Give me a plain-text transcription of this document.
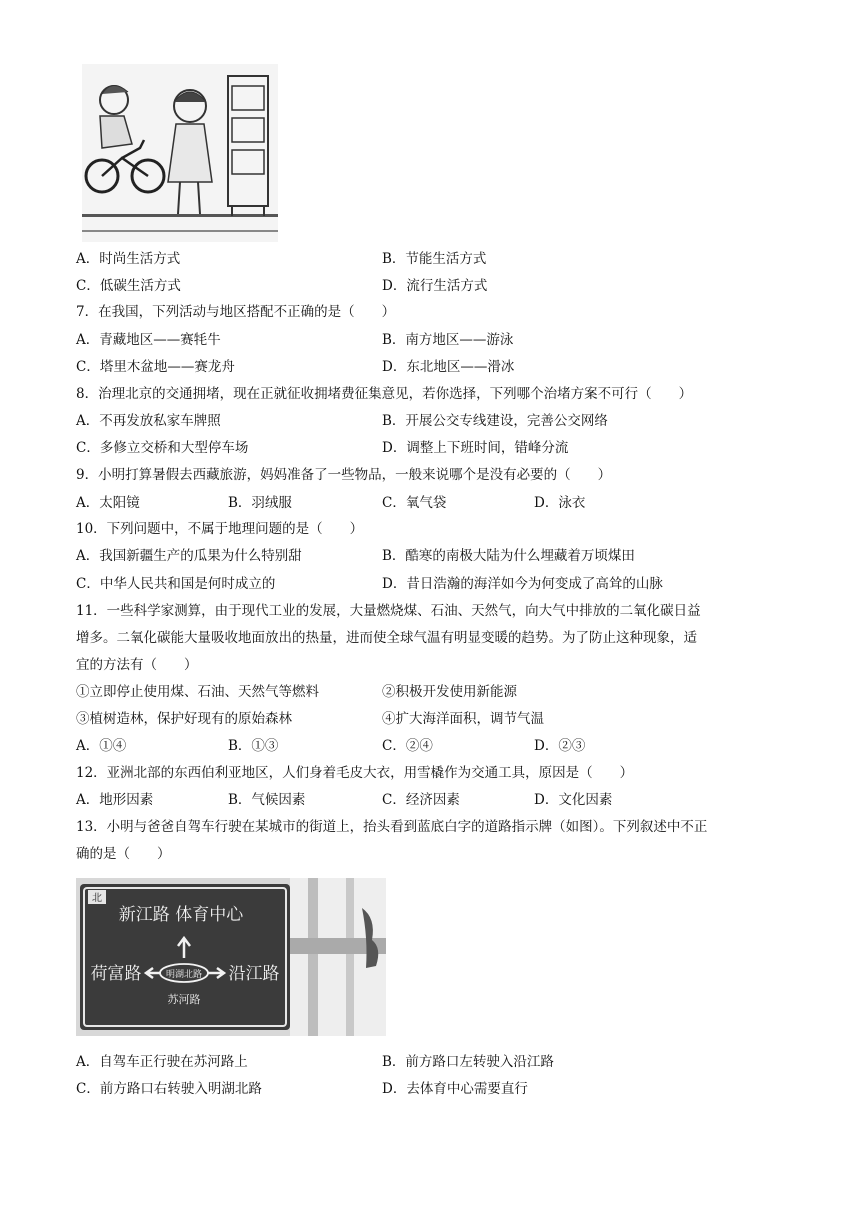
A．时尚生活方式	B．节能生活方式
C．低碳生活方式	D．流行生活方式
7．在我国，下列活动与地区搭配不正确的是（　　）
A．青藏地区——赛牦牛	B．南方地区——游泳
C．塔里木盆地——赛龙舟	D．东北地区——滑冰
8．治理北京的交通拥堵，现在正就征收拥堵费征集意见，若你选择，下列哪个治堵方案不可行（　　）
A．不再发放私家车牌照	B．开展公交专线建设，完善公交网络
C．多修立交桥和大型停车场	D．调整上下班时间，错峰分流
9．小明打算暑假去西藏旅游，妈妈准备了一些物品，一般来说哪个是没有必要的（　　）
A．太阳镜	B．羽绒服	C．氧气袋	D．泳衣
10．下列问题中，不属于地理问题的是（　　）
A．我国新疆生产的瓜果为什么特别甜	B．酷寒的南极大陆为什么埋藏着万顷煤田
C．中华人民共和国是何时成立的	D．昔日浩瀚的海洋如今为何变成了高耸的山脉
11．一些科学家测算，由于现代工业的发展，大量燃烧煤、石油、天然气，向大气中排放的二氧化碳日益
增多。二氧化碳能大量吸收地面放出的热量，进而使全球气温有明显变暖的趋势。为了防止这种现象，适
宜的方法有（　　）
①立即停止使用煤、石油、天然气等燃料	②积极开发使用新能源
③植树造林，保护好现有的原始森林	④扩大海洋面积，调节气温
A．①④	B．①③	C．②④	D．②③
12．亚洲北部的东西伯利亚地区，人们身着毛皮大衣，用雪橇作为交通工具，原因是（　　）
A．地形因素	B．气候因素	C．经济因素	D．文化因素
13．小明与爸爸自驾车行驶在某城市的街道上，抬头看到蓝底白字的道路指示牌（如图）。下列叙述中不正
确的是（　　）
北
新江路 体育中心
明湖北路
荷富路	沿江路
苏河路
A．自驾车正行驶在苏河路上	B．前方路口左转驶入沿江路
C．前方路口右转驶入明湖北路	D．去体育中心需要直行
